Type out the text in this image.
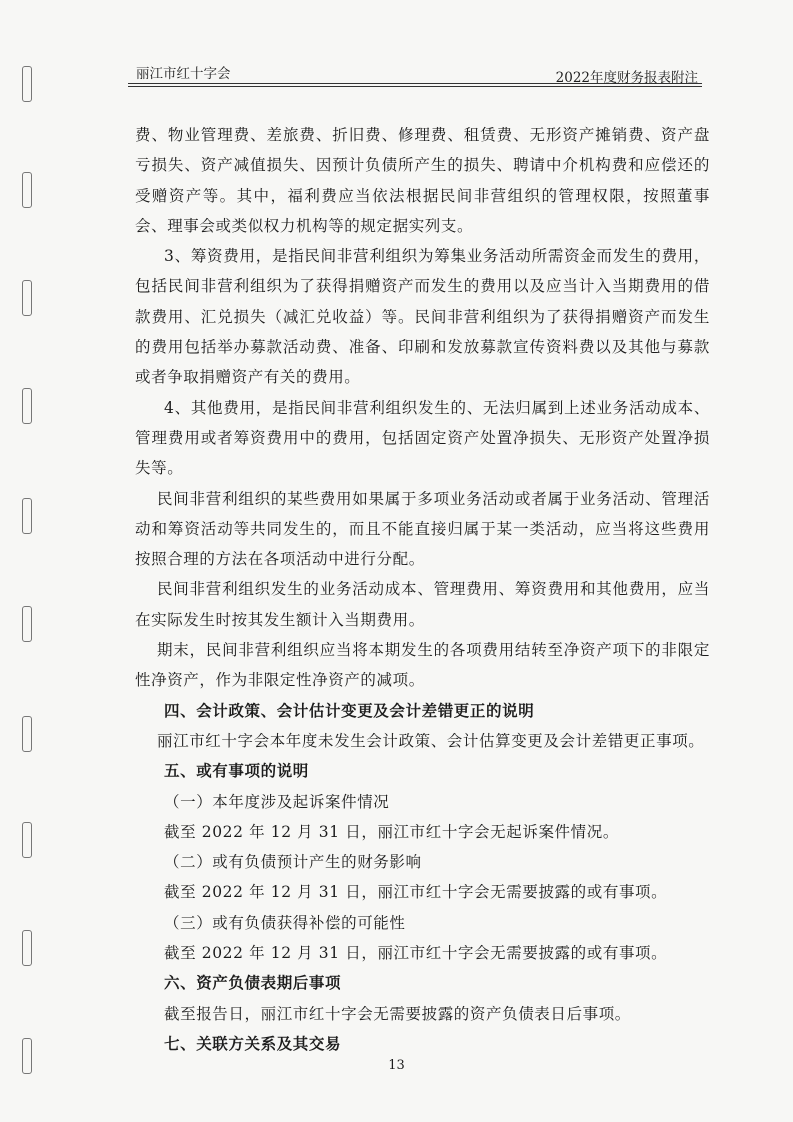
丽江市红十字会	2022年度财务报表附注

费、物业管理费、差旅费、折旧费、修理费、租赁费、无形资产摊销费、资产盘亏损失、资产减值损失、因预计负债所产生的损失、聘请中介机构费和应偿还的受赠资产等。其中，福利费应当依法根据民间非营组织的管理权限，按照董事会、理事会或类似权力机构等的规定据实列支。

3、筹资费用，是指民间非营利组织为筹集业务活动所需资金而发生的费用，包括民间非营利组织为了获得捐赠资产而发生的费用以及应当计入当期费用的借款费用、汇兑损失（减汇兑收益）等。民间非营利组织为了获得捐赠资产而发生的费用包括举办募款活动费、准备、印刷和发放募款宣传资料费以及其他与募款或者争取捐赠资产有关的费用。

4、其他费用，是指民间非营利组织发生的、无法归属到上述业务活动成本、管理费用或者筹资费用中的费用，包括固定资产处置净损失、无形资产处置净损失等。

民间非营利组织的某些费用如果属于多项业务活动或者属于业务活动、管理活动和筹资活动等共同发生的，而且不能直接归属于某一类活动，应当将这些费用按照合理的方法在各项活动中进行分配。

民间非营利组织发生的业务活动成本、管理费用、筹资费用和其他费用，应当在实际发生时按其发生额计入当期费用。

期末，民间非营利组织应当将本期发生的各项费用结转至净资产项下的非限定性净资产，作为非限定性净资产的减项。

四、会计政策、会计估计变更及会计差错更正的说明

丽江市红十字会本年度未发生会计政策、会计估算变更及会计差错更正事项。

五、或有事项的说明

（一）本年度涉及起诉案件情况

截至 2022 年 12 月 31 日，丽江市红十字会无起诉案件情况。

（二）或有负债预计产生的财务影响

截至 2022 年 12 月 31 日，丽江市红十字会无需要披露的或有事项。

（三）或有负债获得补偿的可能性

截至 2022 年 12 月 31 日，丽江市红十字会无需要披露的或有事项。

六、资产负债表期后事项

截至报告日，丽江市红十字会无需要披露的资产负债表日后事项。

七、关联方关系及其交易

13
